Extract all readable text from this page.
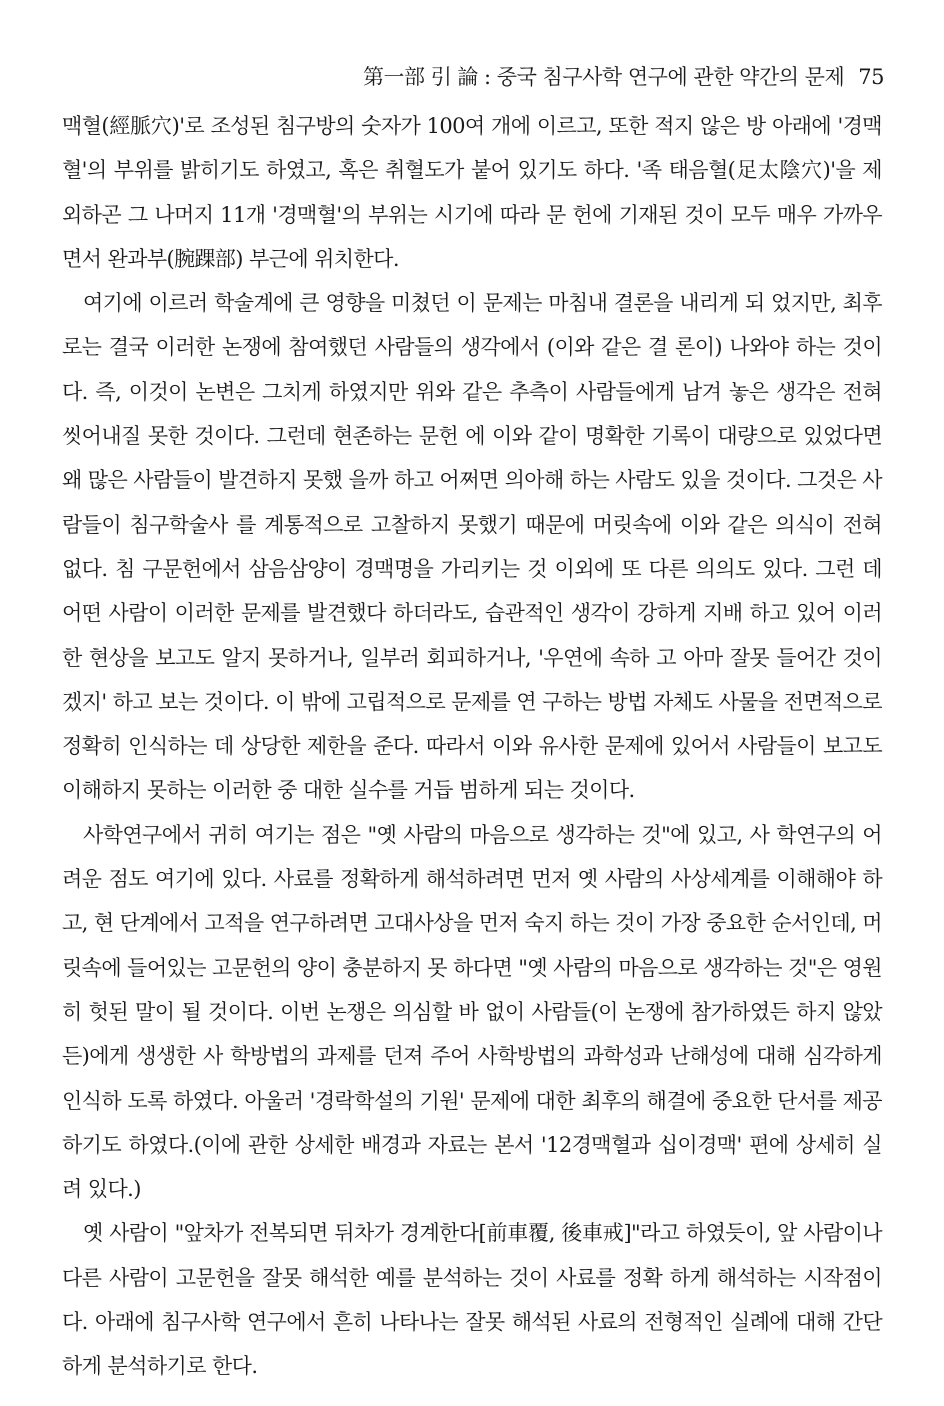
第一部 引 論 : 중국 침구사학 연구에 관한 약간의 문제 75

맥혈(經脈穴)'로 조성된 침구방의 숫자가 100여 개에 이르고, 또한 적지 않은 방 아래에 '경맥혈'의 부위를 밝히기도 하였고, 혹은 취혈도가 붙어 있기도 하다. '족 태음혈(足太陰穴)'을 제외하곤 그 나머지 11개 '경맥혈'의 부위는 시기에 따라 문 헌에 기재된 것이 모두 매우 가까우면서 완과부(腕踝部) 부근에 위치한다.

여기에 이르러 학술계에 큰 영향을 미쳤던 이 문제는 마침내 결론을 내리게 되 었지만, 최후로는 결국 이러한 논쟁에 참여했던 사람들의 생각에서 (이와 같은 결 론이) 나와야 하는 것이다. 즉, 이것이 논변은 그치게 하였지만 위와 같은 추측이 사람들에게 남겨 놓은 생각은 전혀 씻어내질 못한 것이다. 그런데 현존하는 문헌 에 이와 같이 명확한 기록이 대량으로 있었다면 왜 많은 사람들이 발견하지 못했 을까 하고 어쩌면 의아해 하는 사람도 있을 것이다. 그것은 사람들이 침구학술사 를 계통적으로 고찰하지 못했기 때문에 머릿속에 이와 같은 의식이 전혀 없다. 침 구문헌에서 삼음삼양이 경맥명을 가리키는 것 이외에 또 다른 의의도 있다. 그런 데 어떤 사람이 이러한 문제를 발견했다 하더라도, 습관적인 생각이 강하게 지배 하고 있어 이러한 현상을 보고도 알지 못하거나, 일부러 회피하거나, '우연에 속하 고 아마 잘못 들어간 것이겠지' 하고 보는 것이다. 이 밖에 고립적으로 문제를 연 구하는 방법 자체도 사물을 전면적으로 정확히 인식하는 데 상당한 제한을 준다. 따라서 이와 유사한 문제에 있어서 사람들이 보고도 이해하지 못하는 이러한 중 대한 실수를 거듭 범하게 되는 것이다.

사학연구에서 귀히 여기는 점은 "옛 사람의 마음으로 생각하는 것"에 있고, 사 학연구의 어려운 점도 여기에 있다. 사료를 정확하게 해석하려면 먼저 옛 사람의 사상세계를 이해해야 하고, 현 단계에서 고적을 연구하려면 고대사상을 먼저 숙지 하는 것이 가장 중요한 순서인데, 머릿속에 들어있는 고문헌의 양이 충분하지 못 하다면 "옛 사람의 마음으로 생각하는 것"은 영원히 헛된 말이 될 것이다. 이번 논쟁은 의심할 바 없이 사람들(이 논쟁에 참가하였든 하지 않았든)에게 생생한 사 학방법의 과제를 던져 주어 사학방법의 과학성과 난해성에 대해 심각하게 인식하 도록 하였다. 아울러 '경락학설의 기원' 문제에 대한 최후의 해결에 중요한 단서를 제공하기도 하였다.(이에 관한 상세한 배경과 자료는 본서 '12경맥혈과 십이경맥' 편에 상세히 실려 있다.)

옛 사람이 "앞차가 전복되면 뒤차가 경계한다[前車覆, 後車戒]"라고 하였듯이, 앞 사람이나 다른 사람이 고문헌을 잘못 해석한 예를 분석하는 것이 사료를 정확 하게 해석하는 시작점이다. 아래에 침구사학 연구에서 흔히 나타나는 잘못 해석된 사료의 전형적인 실례에 대해 간단하게 분석하기로 한다.
